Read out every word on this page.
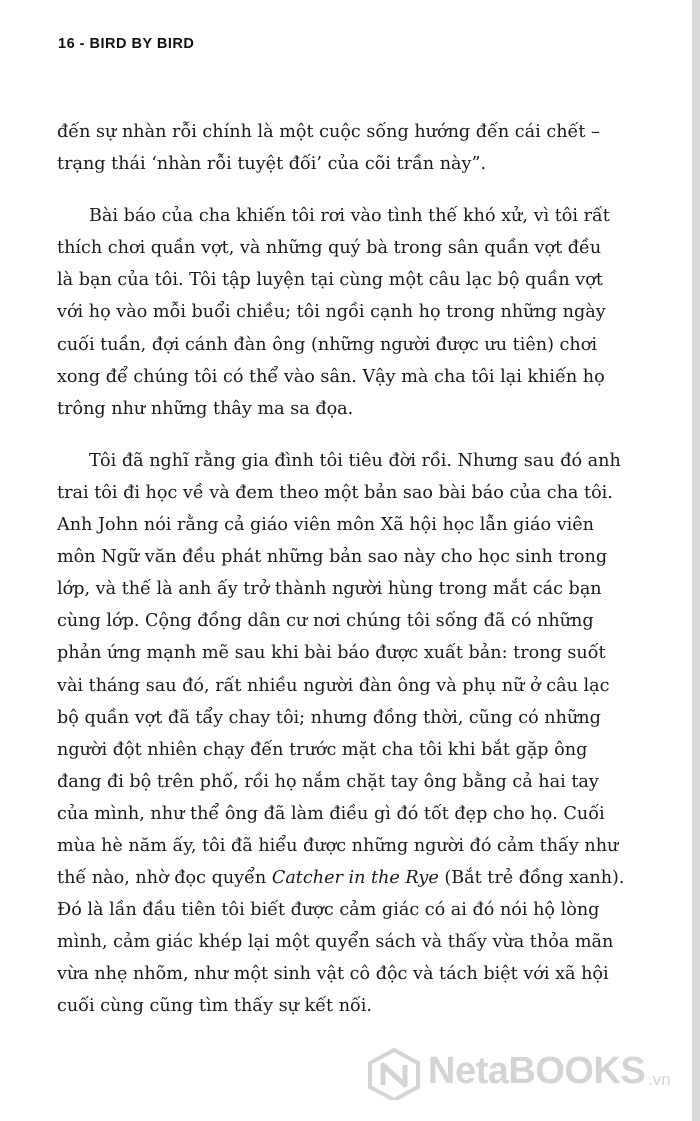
16 - BIRD BY BIRD
đến sự nhàn rỗi chính là một cuộc sống hướng đến cái chết –
trạng thái ‘nhàn rỗi tuyệt đối’ của cõi trần này”.
Bài báo của cha khiến tôi rơi vào tình thế khó xử, vì tôi rất
thích chơi quần vợt, và những quý bà trong sân quần vợt đều
là bạn của tôi. Tôi tập luyện tại cùng một câu lạc bộ quần vợt
với họ vào mỗi buổi chiều; tôi ngồi cạnh họ trong những ngày
cuối tuần, đợi cánh đàn ông (những người được ưu tiên) chơi
xong để chúng tôi có thể vào sân. Vậy mà cha tôi lại khiến họ
trông như những thây ma sa đọa.
Tôi đã nghĩ rằng gia đình tôi tiêu đời rồi. Nhưng sau đó anh
trai tôi đi học về và đem theo một bản sao bài báo của cha tôi.
Anh John nói rằng cả giáo viên môn Xã hội học lẫn giáo viên
môn Ngữ văn đều phát những bản sao này cho học sinh trong
lớp, và thế là anh ấy trở thành người hùng trong mắt các bạn
cùng lớp. Cộng đồng dân cư nơi chúng tôi sống đã có những
phản ứng mạnh mẽ sau khi bài báo được xuất bản: trong suốt
vài tháng sau đó, rất nhiều người đàn ông và phụ nữ ở câu lạc
bộ quần vợt đã tẩy chay tôi; nhưng đồng thời, cũng có những
người đột nhiên chạy đến trước mặt cha tôi khi bắt gặp ông
đang đi bộ trên phố, rồi họ nắm chặt tay ông bằng cả hai tay
của mình, như thể ông đã làm điều gì đó tốt đẹp cho họ. Cuối
mùa hè năm ấy, tôi đã hiểu được những người đó cảm thấy như
thế nào, nhờ đọc quyển Catcher in the Rye (Bắt trẻ đồng xanh).
Đó là lần đầu tiên tôi biết được cảm giác có ai đó nói hộ lòng
mình, cảm giác khép lại một quyển sách và thấy vừa thỏa mãn
vừa nhẹ nhõm, như một sinh vật cô độc và tách biệt với xã hội
cuối cùng cũng tìm thấy sự kết nối.
NetaBOOKS .vn
